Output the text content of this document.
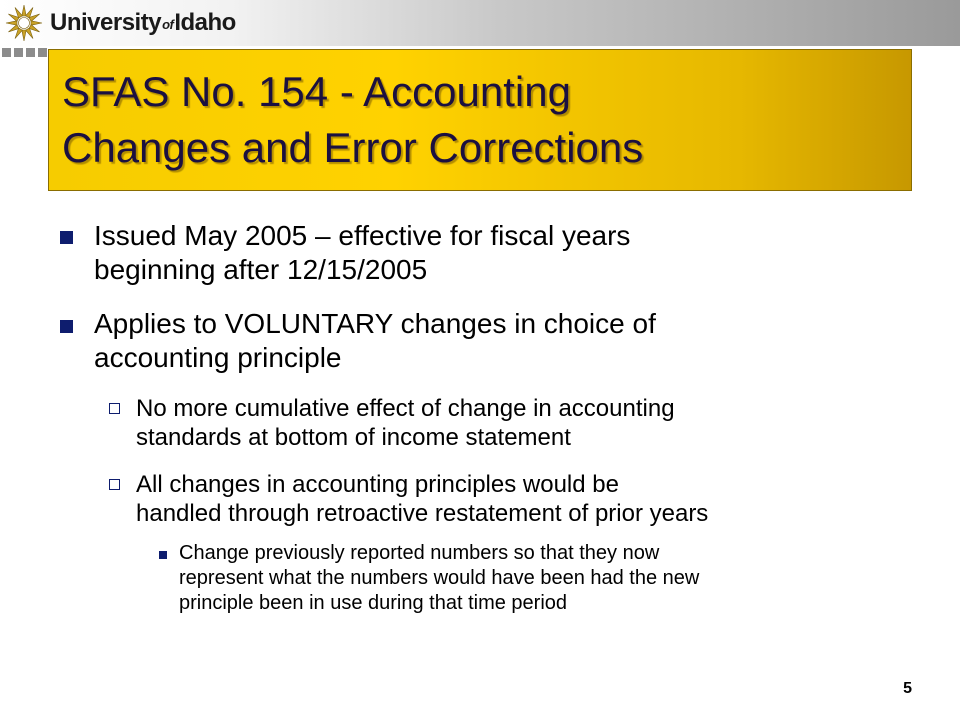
UniversityofIdaho
SFAS No. 154 - Accounting
Changes and Error Corrections
Issued May 2005 – effective for fiscal years
beginning after 12/15/2005
Applies to VOLUNTARY changes in choice of
accounting principle
No more cumulative effect of change in accounting
standards at bottom of income statement
All changes in accounting principles would be
handled through retroactive restatement of prior years
Change previously reported numbers so that they now
represent what the numbers would have been had the new
principle been in use during that time period
5
